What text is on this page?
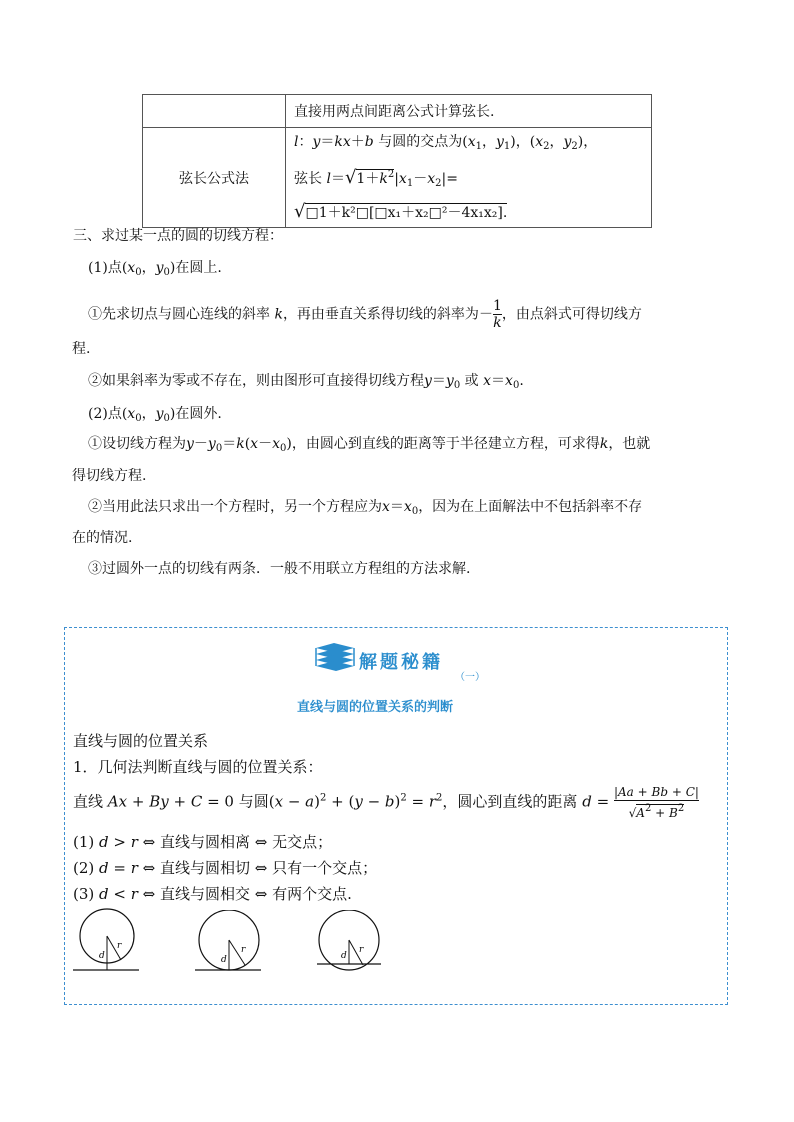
	直接用两点间距离公式计算弦长.
弦长公式法	l：y＝kx＋b 与圆的交点为($x_1$，$y_1$)，($x_2$，$y_2$)，
弦长 $l=√1+k^2|x_1-x_2|=$
√□1＋k²□[□x₁＋x₂□²－4x₁x₂].
三、求过某一点的圆的切线方程：
(1)点($x_0$，$y_0$)在圆上.
①先求切点与圆心连线的斜率 k，再由垂直关系得切线的斜率为－ $\frac{1}{k}$ ，由点斜式可得切线方
程.
②如果斜率为零或不存在，则由图形可直接得切线方程$y=y_0$ 或 $x=x_0$.
(2)点($x_0$，$y_0$)在圆外.
①设切线方程为$y-y_0=k(x-x_0)$，由圆心到直线的距离等于半径建立方程，可求得k，也就
得切线方程.
②当用此法只求出一个方程时，另一个方程应为$x=x_0$，因为在上面解法中不包括斜率不存
在的情况.
③过圆外一点的切线有两条．一般不用联立方程组的方法求解.
解题秘籍
（一）
直线与圆的位置关系的判断
直线与圆的位置关系
1．几何法判断直线与圆的位置关系：
直线 Ax + By + C = 0 与圆$(x - a)^2 + (y - b)^2 = r^2$，圆心到直线的距离 $d = \frac{|Aa + Bb + C|}{√A^2 + B^2}$
(1) d > r ⇔ 直线与圆相离 ⇔ 无交点；
(2) d = r ⇔ 直线与圆相切 ⇔ 只有一个交点；
(3) d < r ⇔ 直线与圆相交 ⇔ 有两个交点.
d
r
d
r
d
r
